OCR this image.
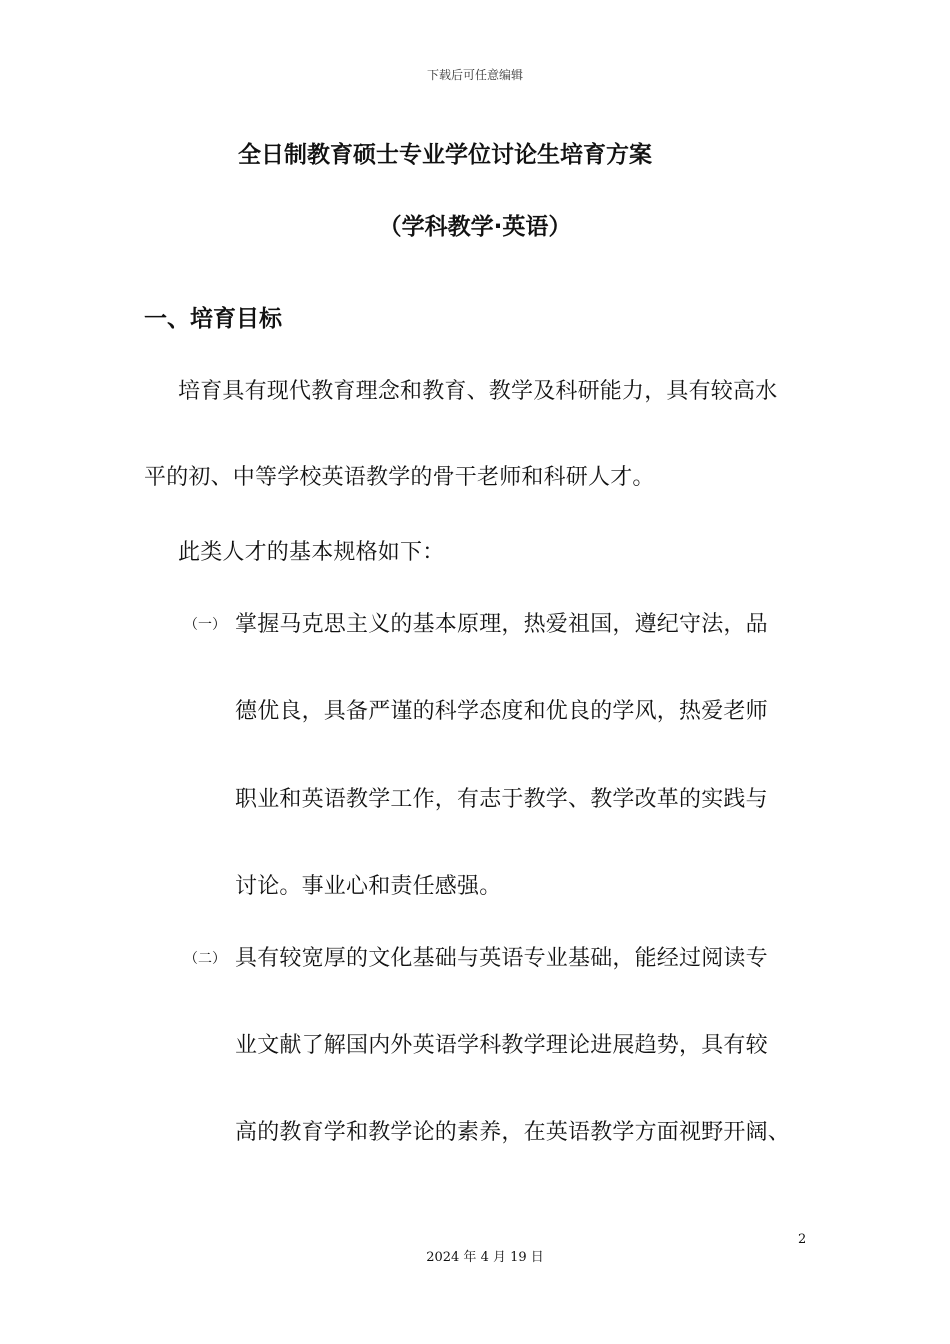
下载后可任意编辑
全日制教育硕士专业学位讨论生培育方案
（学科教学·英语）
一、培育目标
培育具有现代教育理念和教育、教学及科研能力，具有较高水
平的初、中等学校英语教学的骨干老师和科研人才。
此类人才的基本规格如下：
（一） 掌握马克思主义的基本原理，热爱祖国，遵纪守法，品
德优良，具备严谨的科学态度和优良的学风，热爱老师
职业和英语教学工作，有志于教学、教学改革的实践与
讨论。事业心和责任感强。
（二） 具有较宽厚的文化基础与英语专业基础，能经过阅读专
业文献了解国内外英语学科教学理论进展趋势，具有较
高的教育学和教学论的素养，在英语教学方面视野开阔、
2
2024 年 4 月 19 日
